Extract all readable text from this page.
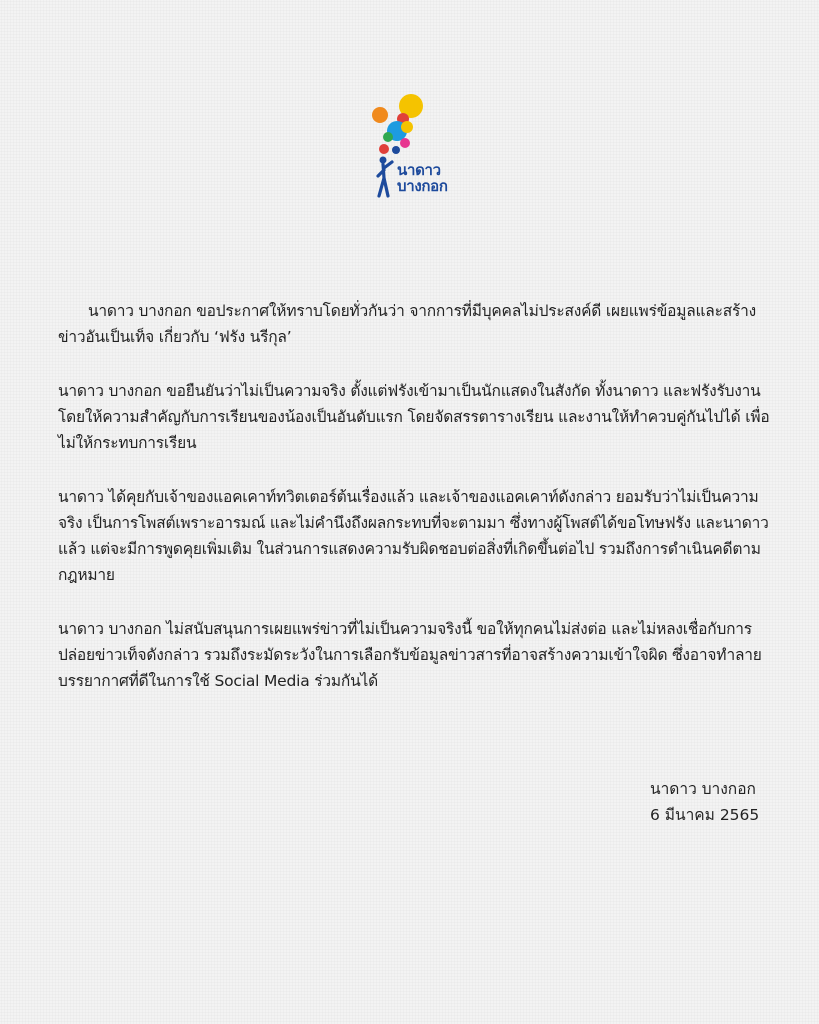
นาดาว
บางกอก

นาดาว บางกอก ขอประกาศให้ทราบโดยทั่วกันว่า จากการที่มีบุคคลไม่ประสงค์ดี เผยแพร่ข้อมูลและสร้างข่าวอันเป็นเท็จ เกี่ยวกับ ‘ฟรัง นรีกุล’

นาดาว บางกอก ขอยืนยันว่าไม่เป็นความจริง ตั้งแต่ฟรังเข้ามาเป็นนักแสดงในสังกัด ทั้งนาดาว และฟรังรับงานโดยให้ความสำคัญกับการเรียนของน้องเป็นอันดับแรก โดยจัดสรรตารางเรียน และงานให้ทำควบคู่กันไปได้ เพื่อไม่ให้กระทบการเรียน

นาดาว ได้คุยกับเจ้าของแอคเคาท์ทวิตเตอร์ต้นเรื่องแล้ว และเจ้าของแอคเคาท์ดังกล่าว ยอมรับว่าไม่เป็นความจริง เป็นการโพสต์เพราะอารมณ์ และไม่คำนึงถึงผลกระทบที่จะตามมา ซึ่งทางผู้โพสต์ได้ขอโทษฟรัง และนาดาวแล้ว แต่จะมีการพูดคุยเพิ่มเติม ในส่วนการแสดงความรับผิดชอบต่อสิ่งที่เกิดขึ้นต่อไป รวมถึงการดำเนินคดีตามกฎหมาย

นาดาว บางกอก ไม่สนับสนุนการเผยแพร่ข่าวที่ไม่เป็นความจริงนี้ ขอให้ทุกคนไม่ส่งต่อ และไม่หลงเชื่อกับการปล่อยข่าวเท็จดังกล่าว รวมถึงระมัดระวังในการเลือกรับข้อมูลข่าวสารที่อาจสร้างความเข้าใจผิด ซึ่งอาจทำลายบรรยากาศที่ดีในการใช้ Social Media ร่วมกันได้

นาดาว บางกอก
6 มีนาคม 2565
